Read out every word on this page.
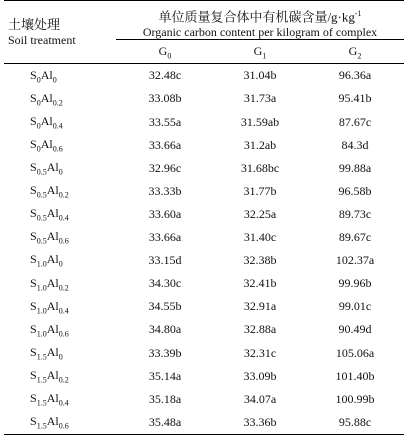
土壤处理
Soil treatment	单位质量复合体中有机碳含量$/g\cdot kg^{-1}$
Organic carbon content per kilogram of complex		

	$G_0$	$G_1$	$G_2$
$S_0Al_0$	32.48c	31.04b	96.36a
$S_0Al_{0.2}$	33.08b	31.73a	95.41b
$S_0Al_{0.4}$	33.55a	31.59ab	87.67c
$S_0Al_{0.6}$	33.66a	31.2ab	84.3d
$S_{0.5}Al_0$	32.96c	31.68bc	99.88a
$S_{0.5}Al_{0.2}$	33.33b	31.77b	96.58b
$S_{0.5}Al_{0.4}$	33.60a	32.25a	89.73c
$S_{0.5}Al_{0.6}$	33.66a	31.40c	89.67c
$S_{1.0}Al_0$	33.15d	32.38b	102.37a
$S_{1.0}Al_{0.2}$	34.30c	32.41b	99.96b
$S_{1.0}Al_{0.4}$	34.55b	32.91a	99.01c
$S_{1.0}Al_{0.6}$	34.80a	32.88a	90.49d
$S_{1.5}Al_0$	33.39b	32.31c	105.06a
$S_{1.5}Al_{0.2}$	35.14a	33.09b	101.40b
$S_{1.5}Al_{0.4}$	35.18a	34.07a	100.99b
$S_{1.5}Al_{0.6}$	35.48a	33.36b	95.88c
